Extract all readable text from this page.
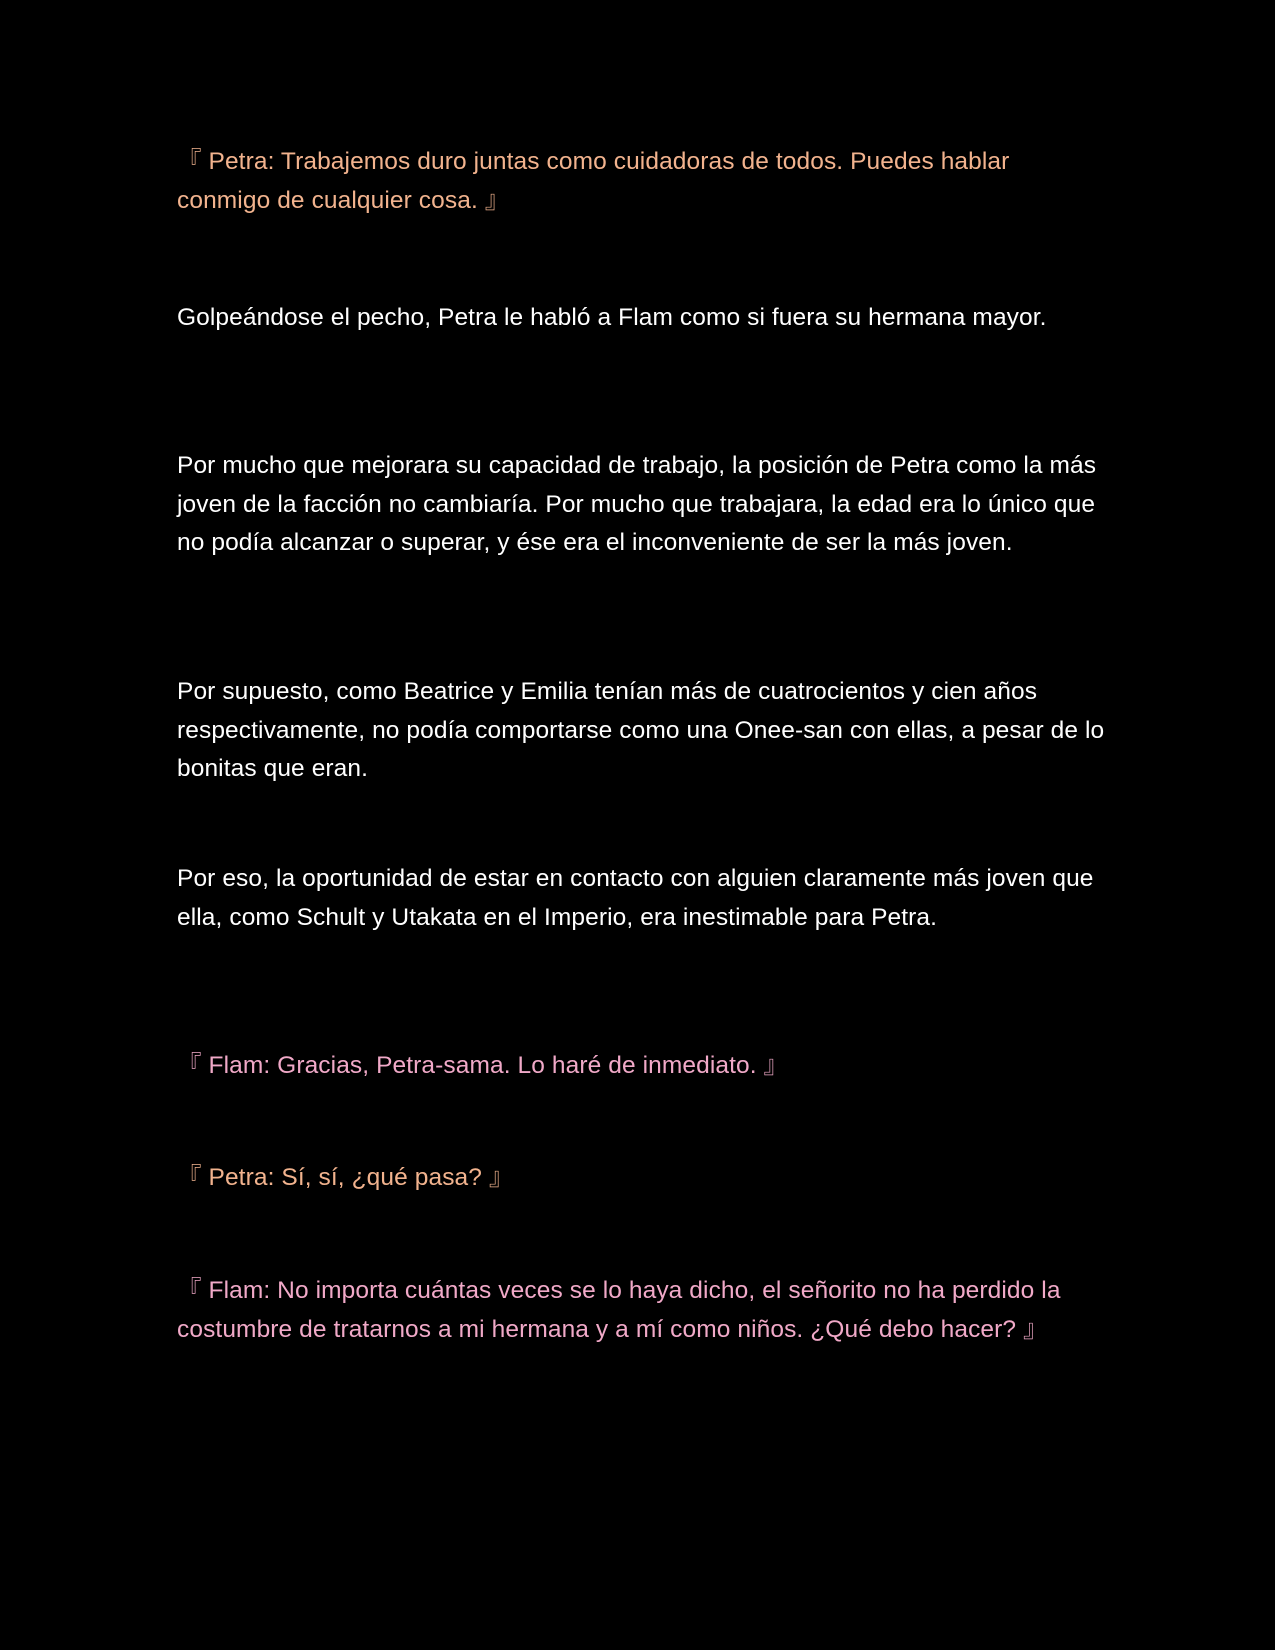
『 Petra: Trabajemos duro juntas como cuidadoras de todos. Puedes hablar conmigo de cualquier cosa. 』

Golpeándose el pecho, Petra le habló a Flam como si fuera su hermana mayor.

Por mucho que mejorara su capacidad de trabajo, la posición de Petra como la más joven de la facción no cambiaría. Por mucho que trabajara, la edad era lo único que no podía alcanzar o superar, y ése era el inconveniente de ser la más joven.

Por supuesto, como Beatrice y Emilia tenían más de cuatrocientos y cien años respectivamente, no podía comportarse como una Onee-san con ellas, a pesar de lo bonitas que eran.

Por eso, la oportunidad de estar en contacto con alguien claramente más joven que ella, como Schult y Utakata en el Imperio, era inestimable para Petra.

『 Flam: Gracias, Petra-sama. Lo haré de inmediato. 』

『 Petra: Sí, sí, ¿qué pasa? 』

『 Flam: No importa cuántas veces se lo haya dicho, el señorito no ha perdido la costumbre de tratarnos a mi hermana y a mí como niños. ¿Qué debo hacer? 』
